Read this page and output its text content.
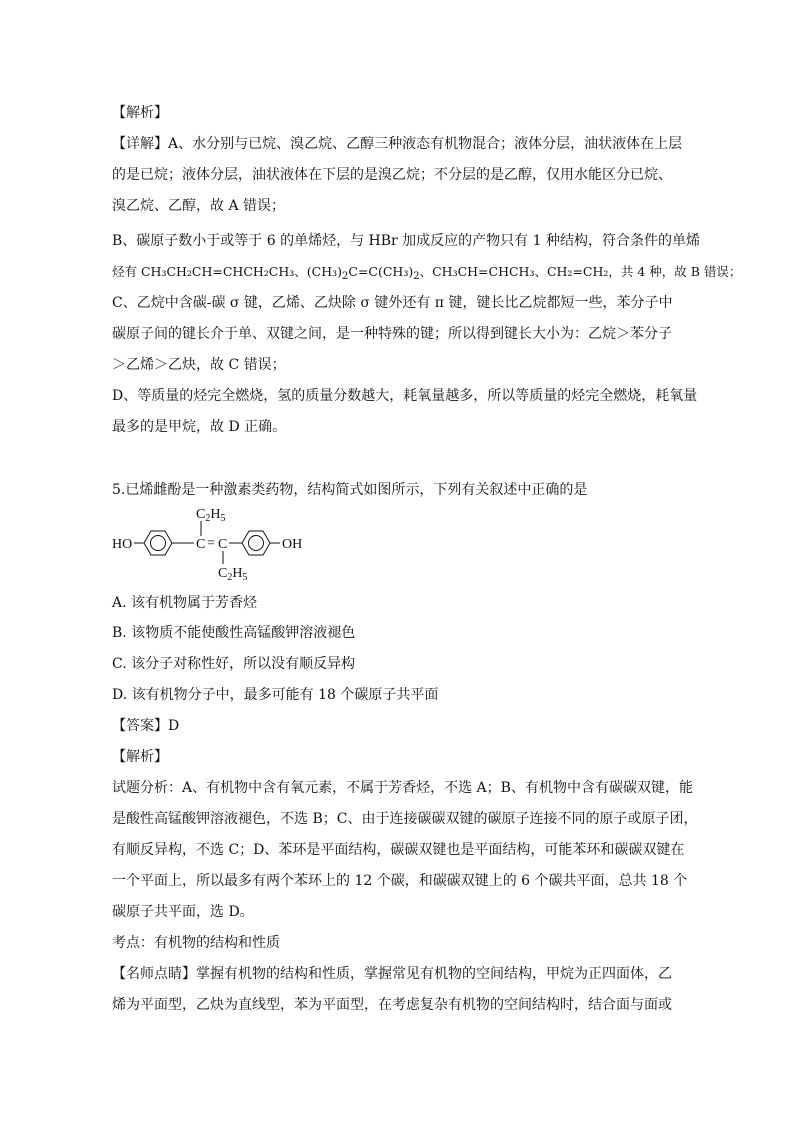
【解析】
【详解】A、水分别与已烷、溴乙烷、乙醇三种液态有机物混合；液体分层，油状液体在上层
的是已烷；液体分层，油状液体在下层的是溴乙烷；不分层的是乙醇，仅用水能区分已烷、
溴乙烷、乙醇，故 A 错误；
B、碳原子数小于或等于 6 的单烯烃，与 HBr 加成反应的产物只有 1 种结构，符合条件的单烯
烃有 CH₃CH₂CH=CHCH₂CH₃、$(CH_3)_2C=C(CH_3)_2$、CH₃CH=CHCH₃、CH₂=CH₂，共 4 种，故 B 错误；
C、乙烷中含碳-碳 σ 键，乙烯、乙炔除 σ 键外还有 π 键，键长比乙烷都短一些，苯分子中
碳原子间的键长介于单、双键之间，是一种特殊的键；所以得到键长大小为：乙烷＞苯分子
＞乙烯＞乙炔，故 C 错误；
D、等质量的烃完全燃烧，氢的质量分数越大，耗氧量越多，所以等质量的烃完全燃烧，耗氧量
最多的是甲烷，故 D 正确。
5.已烯雌酚是一种激素类药物，结构简式如图所示，下列有关叙述中正确的是
HO	C = C
$C_2H_5$
$C_2H_5$
OH
A. 该有机物属于芳香烃
B. 该物质不能使酸性高锰酸钾溶液褪色
C. 该分子对称性好，所以没有顺反异构
D. 该有机物分子中，最多可能有 18 个碳原子共平面
【答案】D
【解析】
试题分析：A、有机物中含有氧元素，不属于芳香烃，不选 A；B、有机物中含有碳碳双键，能
是酸性高锰酸钾溶液褪色，不选 B；C、由于连接碳碳双键的碳原子连接不同的原子或原子团，
有顺反异构，不选 C；D、苯环是平面结构，碳碳双键也是平面结构，可能苯环和碳碳双键在
一个平面上，所以最多有两个苯环上的 12 个碳，和碳碳双键上的 6 个碳共平面，总共 18 个
碳原子共平面，选 D。
考点：有机物的结构和性质
【名师点睛】掌握有机物的结构和性质，掌握常见有机物的空间结构，甲烷为正四面体，乙
烯为平面型，乙炔为直线型，苯为平面型，在考虑复杂有机物的空间结构时，结合面与面或
